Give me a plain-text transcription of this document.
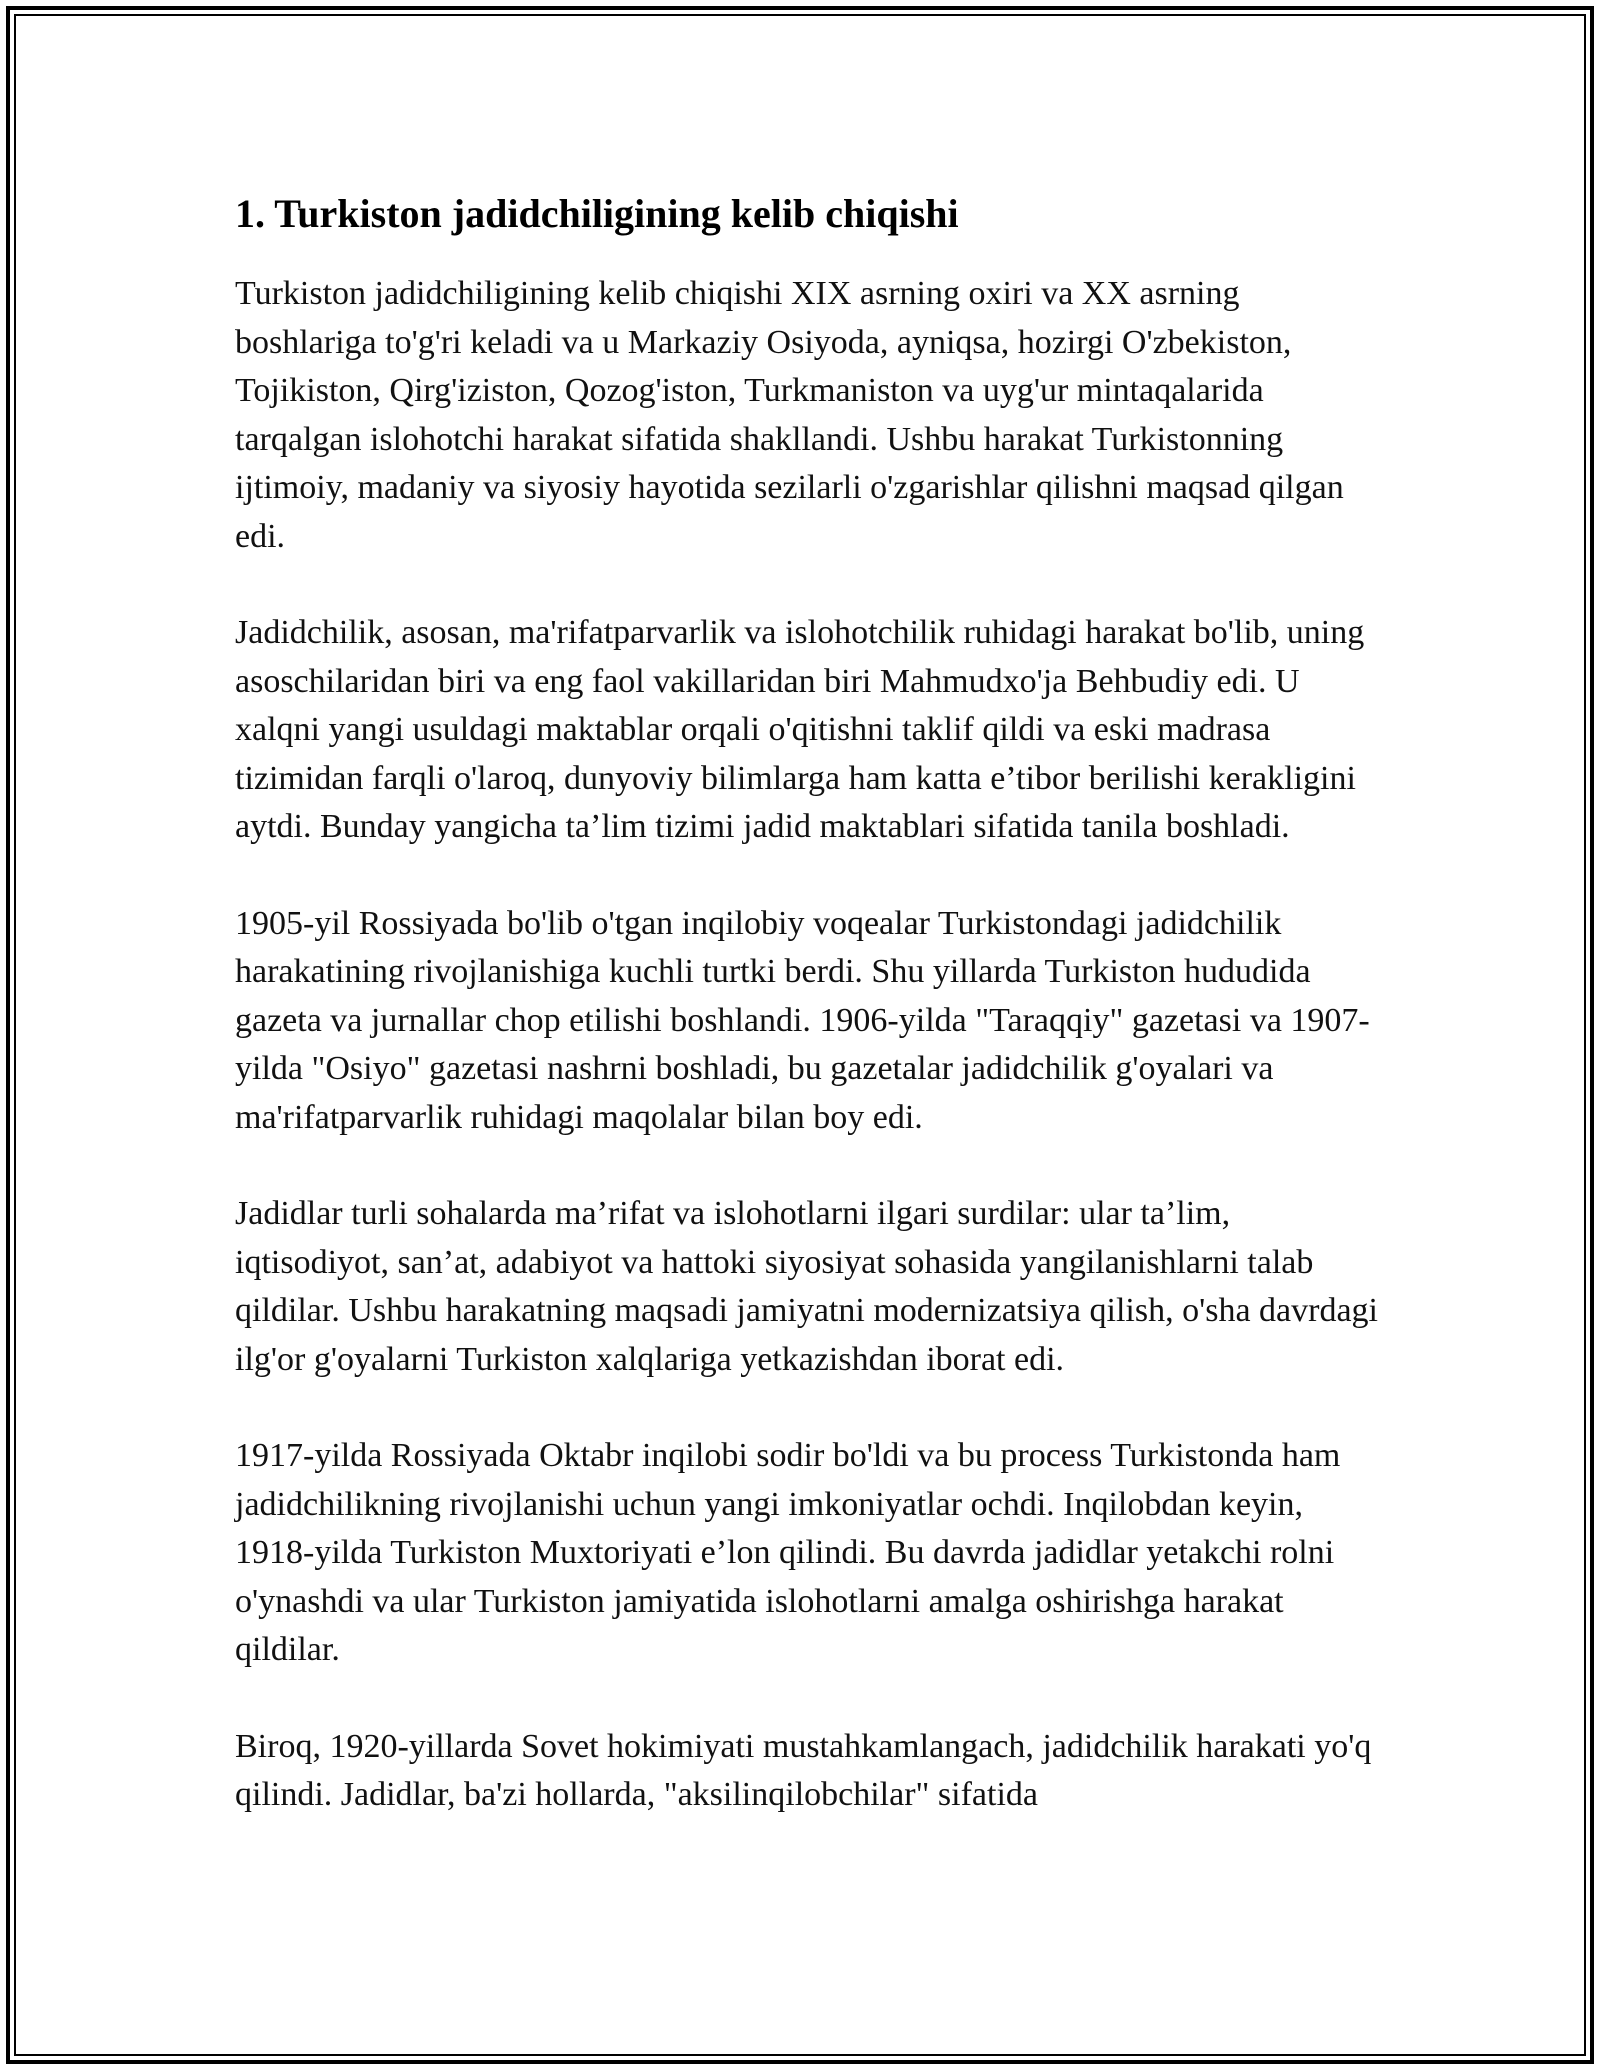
1. Turkiston jadidchiligining kelib chiqishi

Turkiston jadidchiligining kelib chiqishi XIX asrning oxiri va XX asrning boshlariga to'g'ri keladi va u Markaziy Osiyoda, ayniqsa, hozirgi O'zbekiston, Tojikiston, Qirg'iziston, Qozog'iston, Turkmaniston va uyg'ur mintaqalarida tarqalgan islohotchi harakat sifatida shakllandi. Ushbu harakat Turkistonning ijtimoiy, madaniy va siyosiy hayotida sezilarli o'zgarishlar qilishni maqsad qilgan edi.

Jadidchilik, asosan, ma'rifatparvarlik va islohotchilik ruhidagi harakat bo'lib, uning asoschilaridan biri va eng faol vakillaridan biri Mahmudxo'ja Behbudiy edi. U xalqni yangi usuldagi maktablar orqali o'qitishni taklif qildi va eski madrasa tizimidan farqli o'laroq, dunyoviy bilimlarga ham katta e’tibor berilishi kerakligini aytdi. Bunday yangicha ta’lim tizimi jadid maktablari sifatida tanila boshladi.

1905-yil Rossiyada bo'lib o'tgan inqilobiy voqealar Turkistondagi jadidchilik harakatining rivojlanishiga kuchli turtki berdi. Shu yillarda Turkiston hududida gazeta va jurnallar chop etilishi boshlandi. 1906-yilda "Taraqqiy" gazetasi va 1907-yilda "Osiyo" gazetasi nashrni boshladi, bu gazetalar jadidchilik g'oyalari va ma'rifatparvarlik ruhidagi maqolalar bilan boy edi.

Jadidlar turli sohalarda ma’rifat va islohotlarni ilgari surdilar: ular ta’lim, iqtisodiyot, san’at, adabiyot va hattoki siyosiyat sohasida yangilanishlarni talab qildilar. Ushbu harakatning maqsadi jamiyatni modernizatsiya qilish, o'sha davrdagi ilg'or g'oyalarni Turkiston xalqlariga yetkazishdan iborat edi.

1917-yilda Rossiyada Oktabr inqilobi sodir bo'ldi va bu process Turkistonda ham jadidchilikning rivojlanishi uchun yangi imkoniyatlar ochdi. Inqilobdan keyin, 1918-yilda Turkiston Muxtoriyati e’lon qilindi. Bu davrda jadidlar yetakchi rolni o'ynashdi va ular Turkiston jamiyatida islohotlarni amalga oshirishga harakat qildilar.

Biroq, 1920-yillarda Sovet hokimiyati mustahkamlangach, jadidchilik harakati yo'q qilindi. Jadidlar, ba'zi hollarda, "aksilinqilobchilar" sifatida
